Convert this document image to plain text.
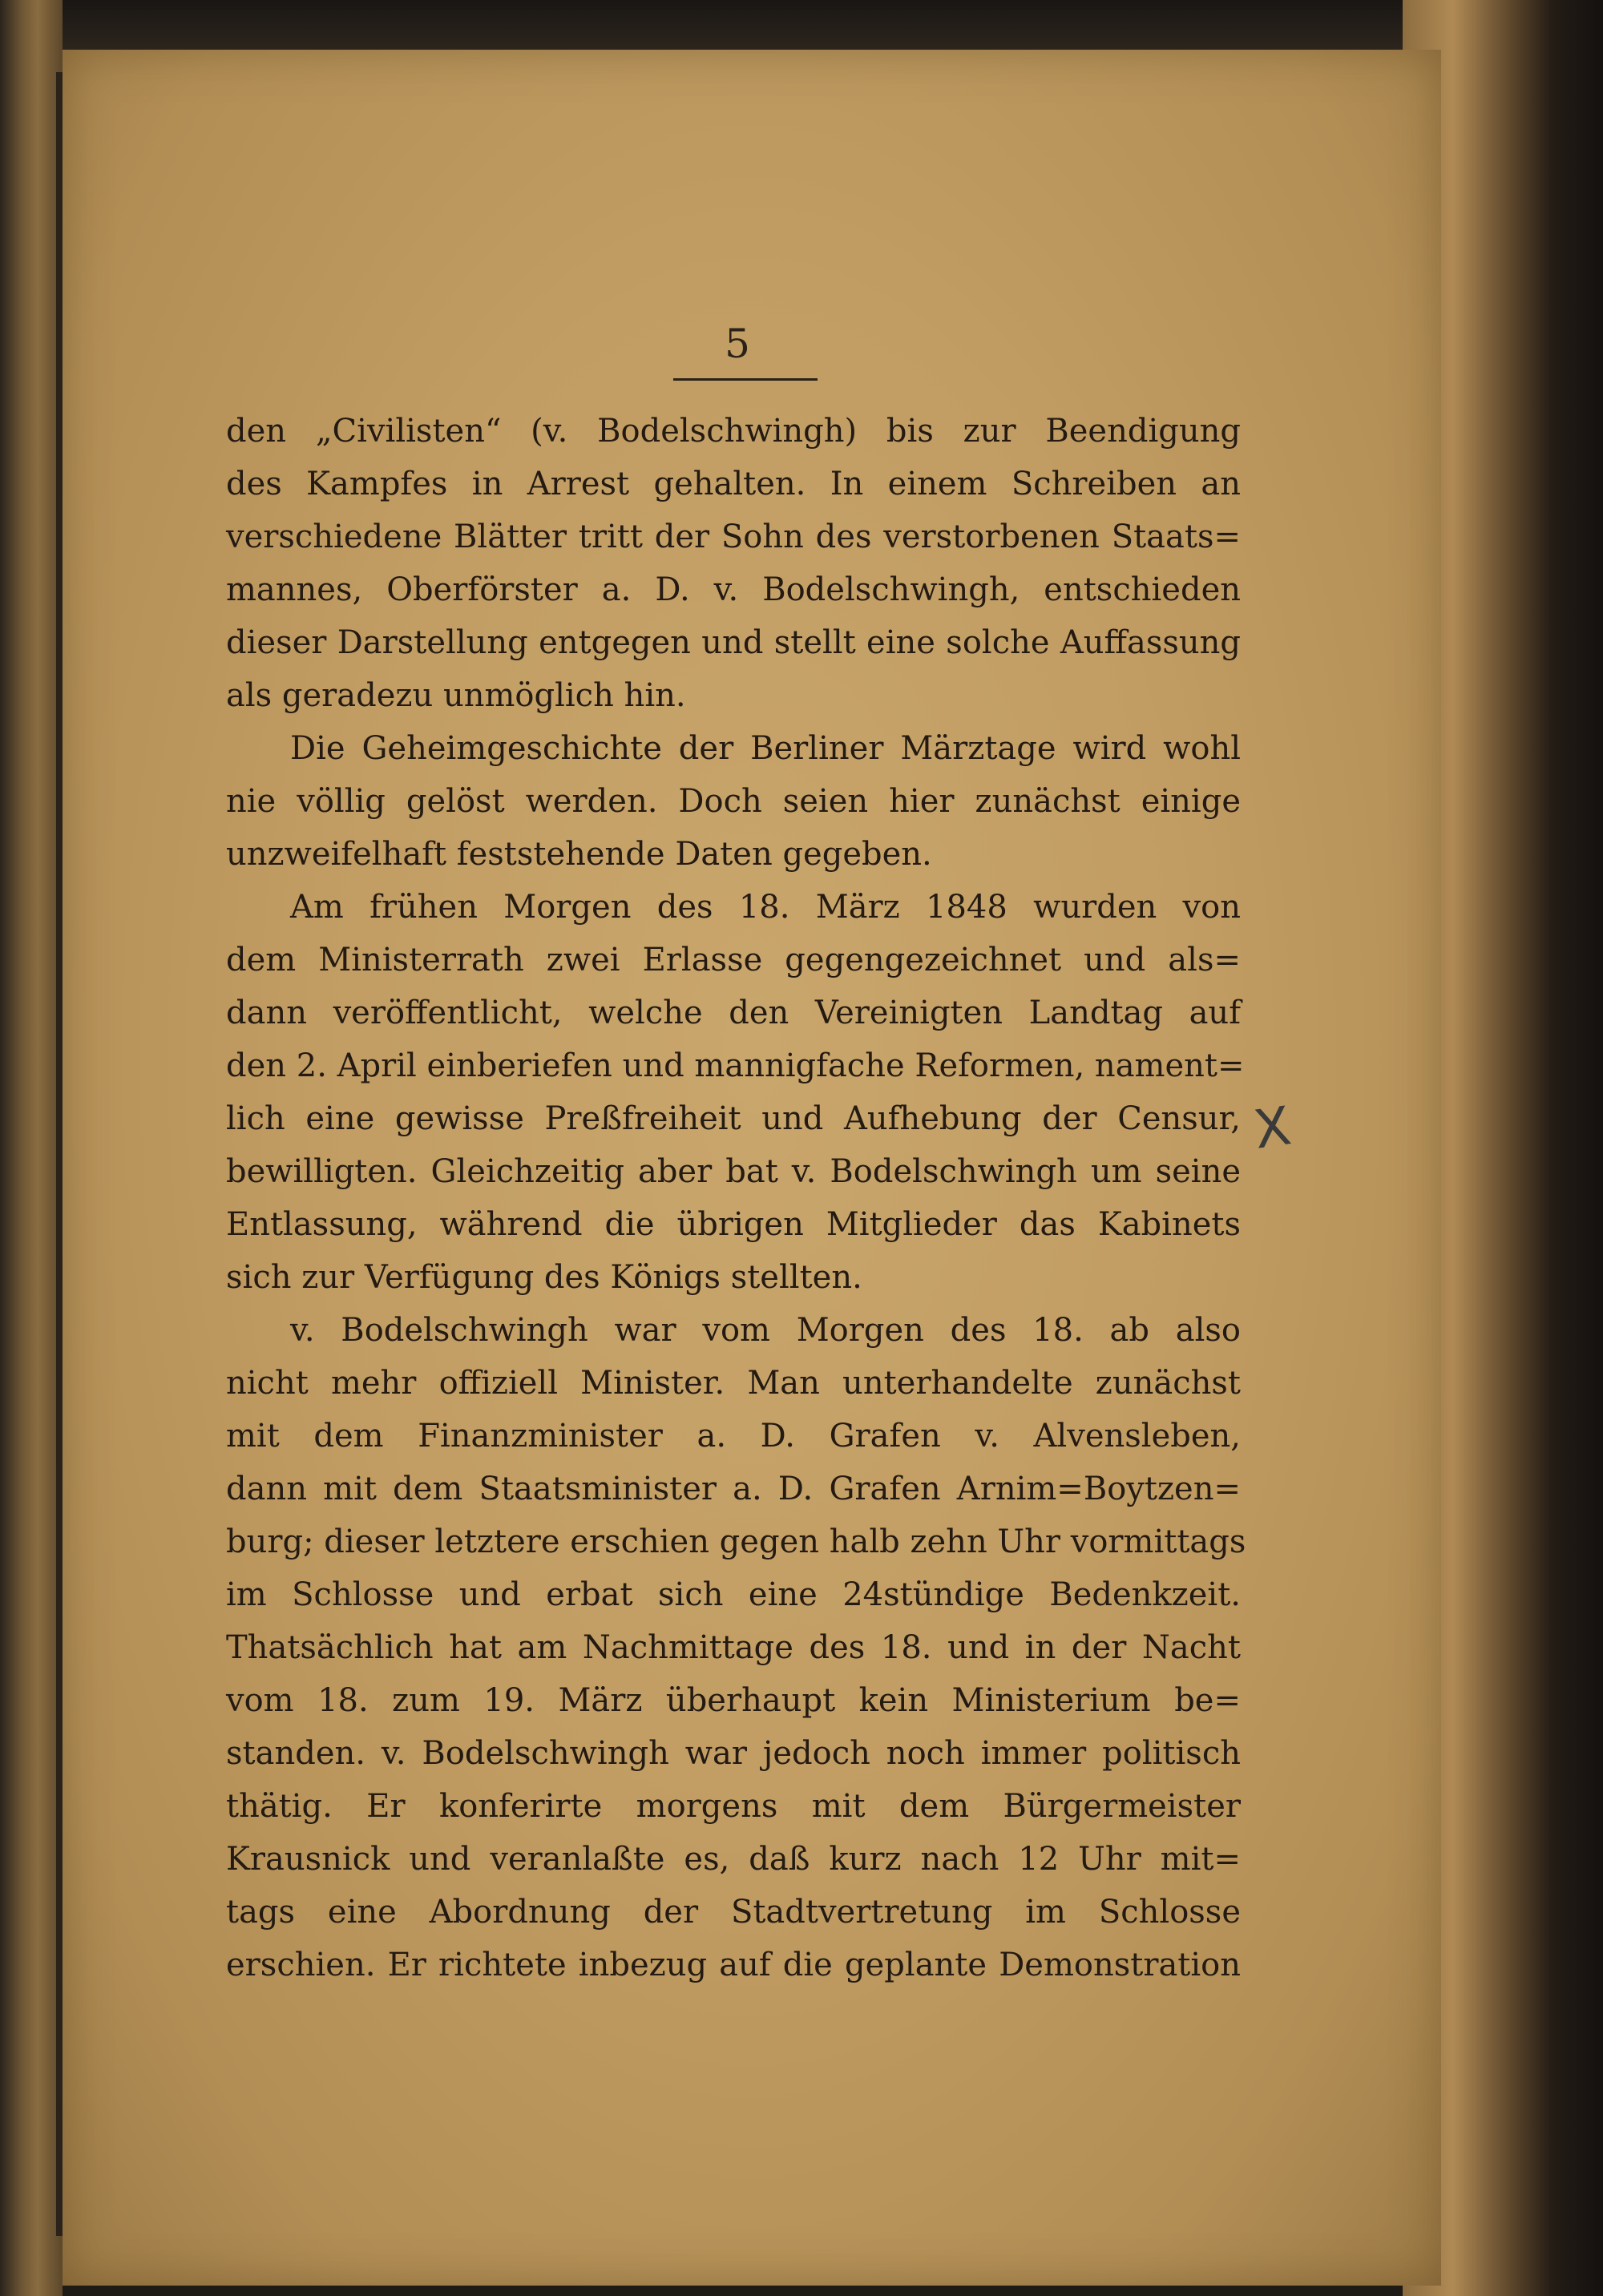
5
den „Civilisten“ (v. Bodelschwingh) bis zur Beendigung
des Kampfes in Arrest gehalten. In einem Schreiben an
verschiedene Blätter tritt der Sohn des verstorbenen Staats=
mannes, Oberförster a. D. v. Bodelschwingh, entschieden
dieser Darstellung entgegen und stellt eine solche Auffassung
als geradezu unmöglich hin.
Die Geheimgeschichte der Berliner Märztage wird wohl
nie völlig gelöst werden. Doch seien hier zunächst einige
unzweifelhaft feststehende Daten gegeben.
Am frühen Morgen des 18. März 1848 wurden von
dem Ministerrath zwei Erlasse gegengezeichnet und als=
dann veröffentlicht, welche den Vereinigten Landtag auf
den 2. April einberiefen und mannigfache Reformen, nament=
lich eine gewisse Preßfreiheit und Aufhebung der Censur,
bewilligten. Gleichzeitig aber bat v. Bodelschwingh um seine
Entlassung, während die übrigen Mitglieder das Kabinets
sich zur Verfügung des Königs stellten.
v. Bodelschwingh war vom Morgen des 18. ab also
nicht mehr offiziell Minister. Man unterhandelte zunächst
mit dem Finanzminister a. D. Grafen v. Alvensleben,
dann mit dem Staatsminister a. D. Grafen Arnim=Boytzen=
burg; dieser letztere erschien gegen halb zehn Uhr vormittags
im Schlosse und erbat sich eine 24stündige Bedenkzeit.
Thatsächlich hat am Nachmittage des 18. und in der Nacht
vom 18. zum 19. März überhaupt kein Ministerium be=
standen. v. Bodelschwingh war jedoch noch immer politisch
thätig. Er konferirte morgens mit dem Bürgermeister
Krausnick und veranlaßte es, daß kurz nach 12 Uhr mit=
tags eine Abordnung der Stadtvertretung im Schlosse
erschien. Er richtete inbezug auf die geplante Demonstration
X
